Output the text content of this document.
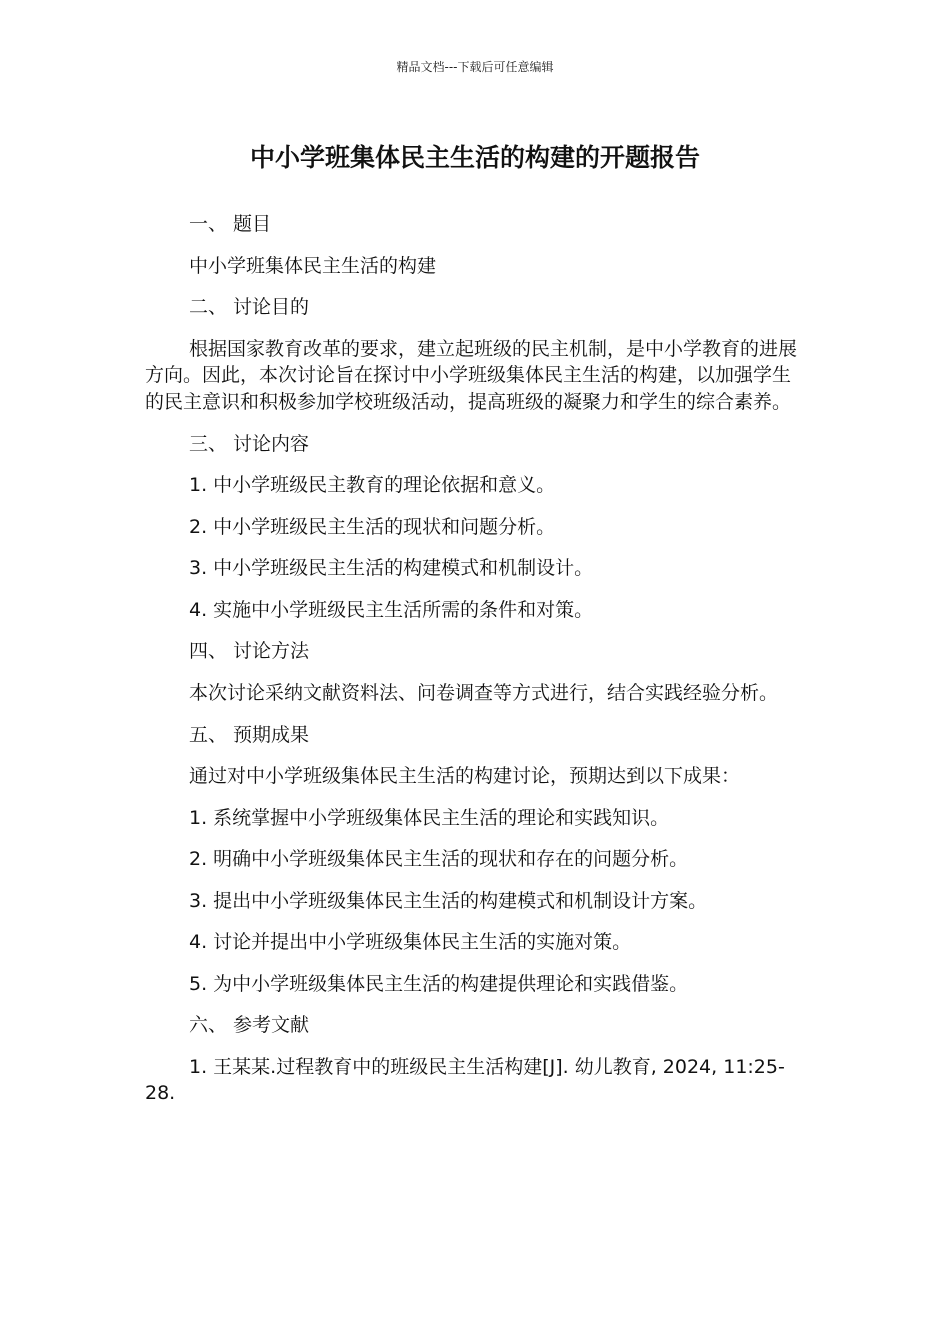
精品文档---下载后可任意编辑
中小学班集体民主生活的构建的开题报告

一、 题目

中小学班集体民主生活的构建

二、 讨论目的

根据国家教育改革的要求，建立起班级的民主机制，是中小学教育的进展方向。因此，本次讨论旨在探讨中小学班级集体民主生活的构建，以加强学生的民主意识和积极参加学校班级活动，提高班级的凝聚力和学生的综合素养。

三、 讨论内容

1. 中小学班级民主教育的理论依据和意义。

2. 中小学班级民主生活的现状和问题分析。

3. 中小学班级民主生活的构建模式和机制设计。

4. 实施中小学班级民主生活所需的条件和对策。

四、 讨论方法

本次讨论采纳文献资料法、问卷调查等方式进行，结合实践经验分析。

五、 预期成果

通过对中小学班级集体民主生活的构建讨论，预期达到以下成果：

1. 系统掌握中小学班级集体民主生活的理论和实践知识。

2. 明确中小学班级集体民主生活的现状和存在的问题分析。

3. 提出中小学班级集体民主生活的构建模式和机制设计方案。

4. 讨论并提出中小学班级集体民主生活的实施对策。

5. 为中小学班级集体民主生活的构建提供理论和实践借鉴。

六、 参考文献

1. 王某某.过程教育中的班级民主生活构建[J]. 幼儿教育, 2024, 11:25-28.
